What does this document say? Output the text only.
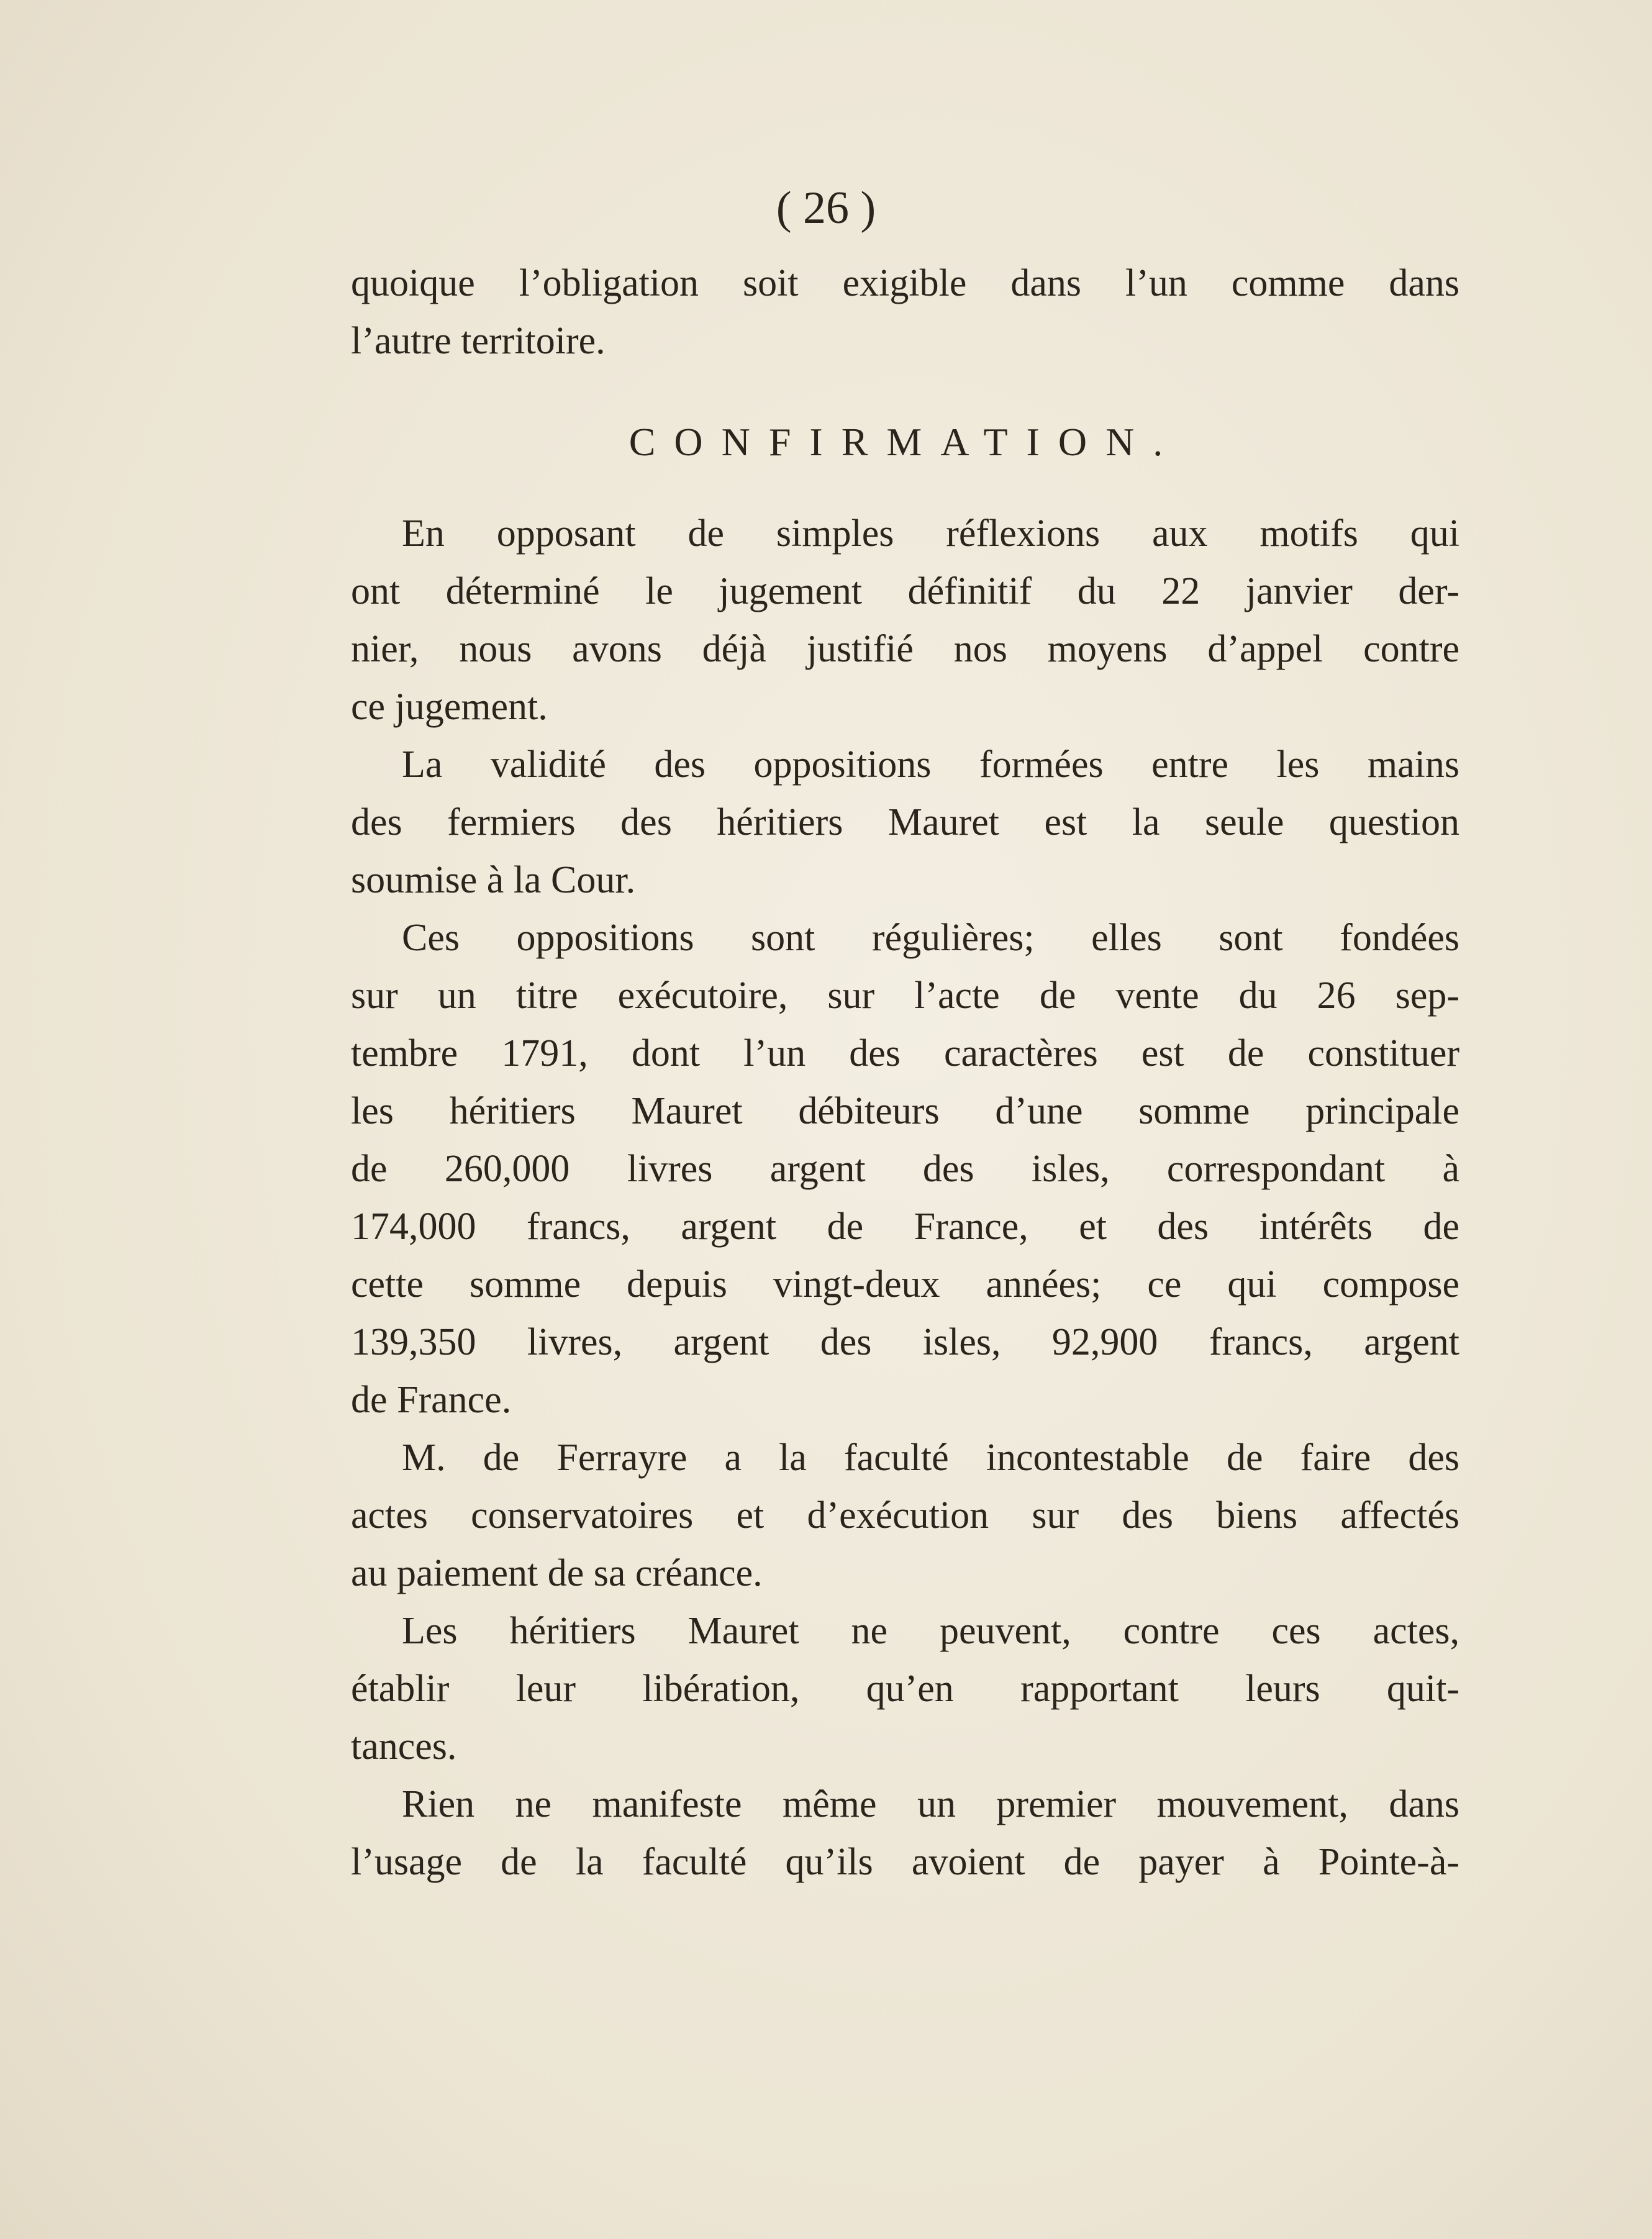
( 26 )
quoique l’obligation soit exigible dans l’un comme dans
l’autre territoire.
CONFIRMATION.
En opposant de simples réflexions aux motifs qui
ont déterminé le jugement définitif du 22 janvier der-
nier, nous avons déjà justifié nos moyens d’appel contre
ce jugement.
La validité des oppositions formées entre les mains
des fermiers des héritiers Mauret est la seule question
soumise à la Cour.
Ces oppositions sont régulières; elles sont fondées
sur un titre exécutoire, sur l’acte de vente du 26 sep-
tembre 1791, dont l’un des caractères est de constituer
les héritiers Mauret débiteurs d’une somme principale
de 260,000 livres argent des isles, correspondant à
174,000 francs, argent de France, et des intérêts de
cette somme depuis vingt-deux années; ce qui compose
139,350 livres, argent des isles, 92,900 francs, argent
de France.
M. de Ferrayre a la faculté incontestable de faire des
actes conservatoires et d’exécution sur des biens affectés
au paiement de sa créance.
Les héritiers Mauret ne peuvent, contre ces actes,
établir leur libération, qu’en rapportant leurs quit-
tances.
Rien ne manifeste même un premier mouvement, dans
l’usage de la faculté qu’ils avoient de payer à Pointe-à-
